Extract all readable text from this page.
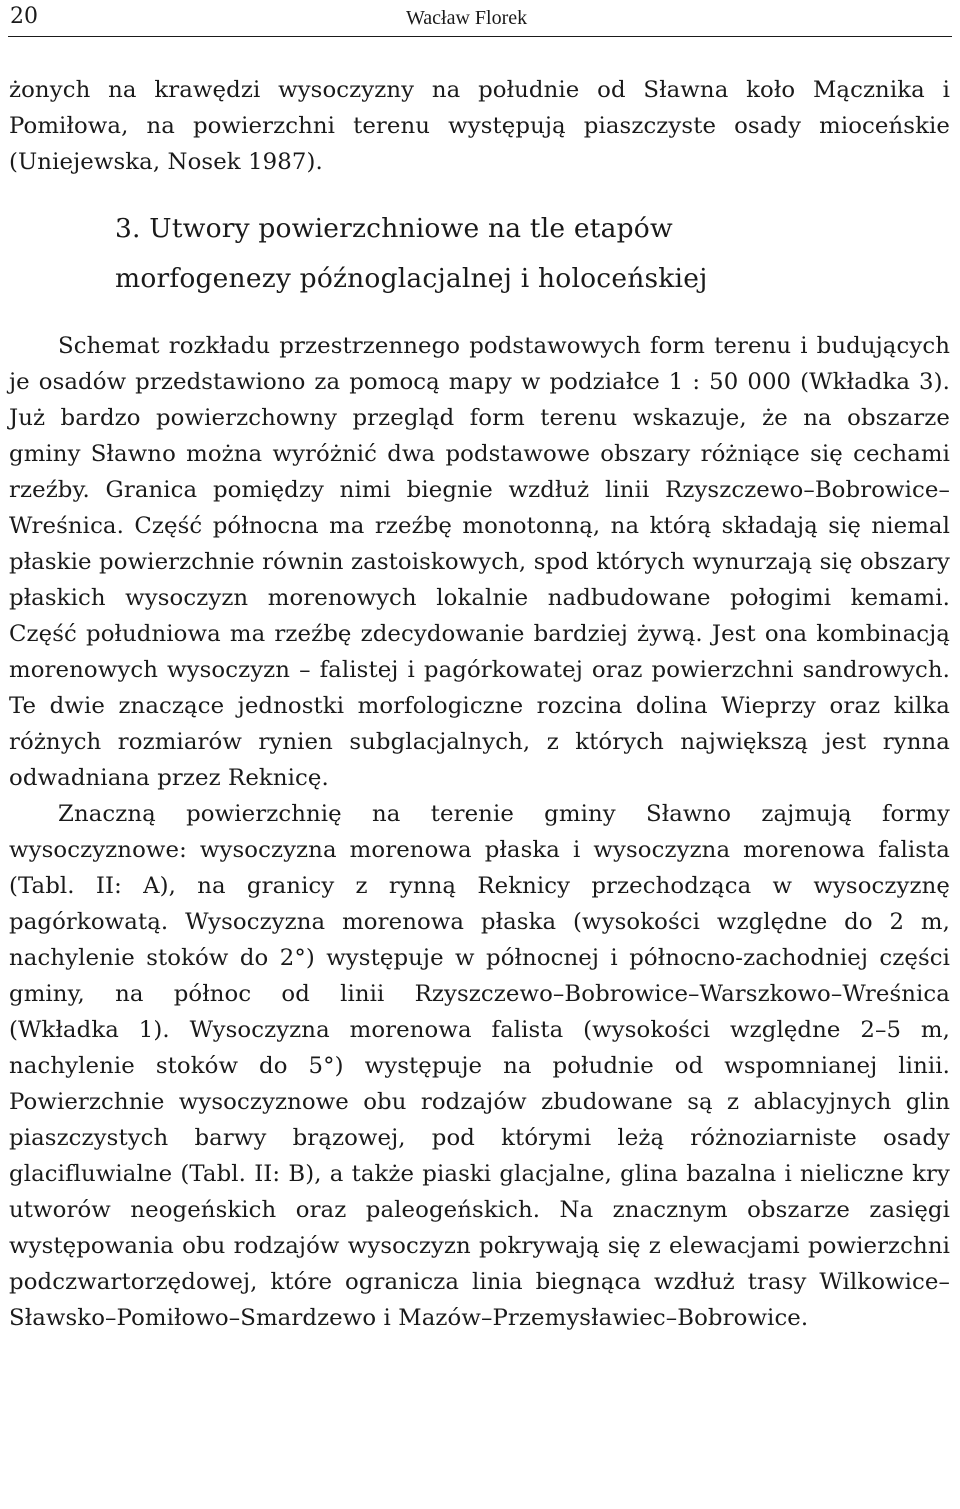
20	Wacław Florek

żonych na krawędzi wysoczyzny na południe od Sławna koło Mącznika i Pomiłowa, na powierzchni terenu występują piaszczyste osady mioceńskie (Uniejewska, Nosek 1987).

3. Utwory powierzchniowe na tle etapów
morfogenezy późnoglacjalnej i holoceńskiej

Schemat rozkładu przestrzennego podstawowych form terenu i budujących je osadów przedstawiono za pomocą mapy w podziałce 1 : 50 000 (Wkładka 3). Już bardzo powierzchowny przegląd form terenu wskazuje, że na obszarze gminy Sławno można wyróżnić dwa podstawowe obszary różniące się cechami rzeźby. Granica pomiędzy nimi biegnie wzdłuż linii Rzyszczewo–Bobrowice–Wreśnica. Część północna ma rzeźbę monotonną, na którą składają się niemal płaskie powierzchnie równin zastoiskowych, spod których wynurzają się obszary płaskich wysoczyzn morenowych lokalnie nadbudowane połogimi kemami. Część południowa ma rzeźbę zdecydowanie bardziej żywą. Jest ona kombinacją morenowych wysoczyzn – falistej i pagórkowatej oraz powierzchni sandrowych. Te dwie znaczące jednostki morfologiczne rozcina dolina Wieprzy oraz kilka różnych rozmiarów rynien subglacjalnych, z których największą jest rynna odwadniana przez Reknicę.

Znaczną powierzchnię na terenie gminy Sławno zajmują formy wysoczyznowe: wysoczyzna morenowa płaska i wysoczyzna morenowa falista (Tabl. II: A), na granicy z rynną Reknicy przechodząca w wysoczyznę pagórkowatą. Wysoczyzna morenowa płaska (wysokości względne do 2 m, nachylenie stoków do 2°) występuje w północnej i północno-zachodniej części gminy, na północ od linii Rzyszczewo–Bobrowice–Warszkowo–Wreśnica (Wkładka 1). Wysoczyzna morenowa falista (wysokości względne 2–5 m, nachylenie stoków do 5°) występuje na południe od wspomnianej linii. Powierzchnie wysoczyznowe obu rodzajów zbudowane są z ablacyjnych glin piaszczystych barwy brązowej, pod którymi leżą różnoziarniste osady glacifluwialne (Tabl. II: B), a także piaski glacjalne, glina bazalna i nieliczne kry utworów neogeńskich oraz paleogeńskich. Na znacznym obszarze zasięgi występowania obu rodzajów wysoczyzn pokrywają się z elewacjami powierzchni podczwartorzędowej, które ogranicza linia biegnąca wzdłuż trasy Wilkowice–Sławsko–Pomiłowo–Smardzewo i Mazów–Przemysławiec–Bobrowice.
